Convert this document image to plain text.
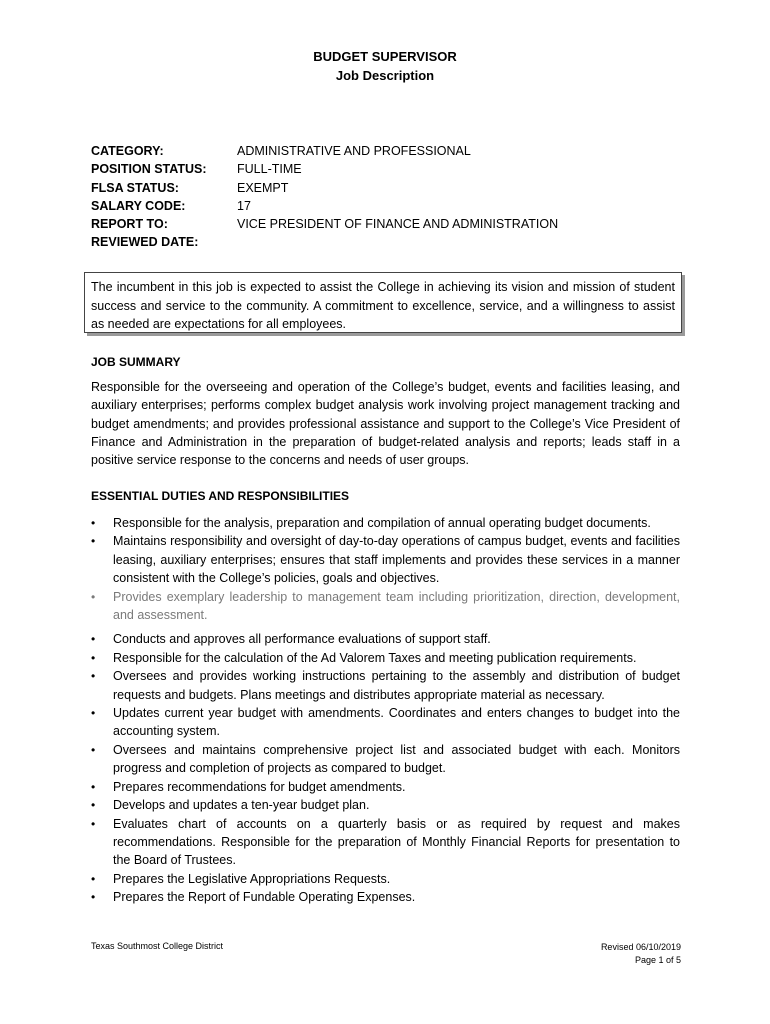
BUDGET SUPERVISOR
Job Description
CATEGORY:	ADMINISTRATIVE AND PROFESSIONAL
POSITION STATUS: FULL-TIME
FLSA STATUS:	EXEMPT
SALARY CODE:	17
REPORT TO:	VICE PRESIDENT OF FINANCE AND ADMINISTRATION
REVIEWED DATE:
The incumbent in this job is expected to assist the College in achieving its vision and mission of student success and service to the community. A commitment to excellence, service, and a willingness to assist as needed are expectations for all employees.
JOB SUMMARY
Responsible for the overseeing and operation of the College’s budget, events and facilities leasing, and auxiliary enterprises; performs complex budget analysis work involving project management tracking and budget amendments; and provides professional assistance and support to the College’s Vice President of Finance and Administration in the preparation of budget-related analysis and reports; leads staff in a positive service response to the concerns and needs of user groups.
ESSENTIAL DUTIES AND RESPONSIBILITIES
• Responsible for the analysis, preparation and compilation of annual operating budget documents.
• Maintains responsibility and oversight of day-to-day operations of campus budget, events and facilities leasing, auxiliary enterprises; ensures that staff implements and provides these services in a manner consistent with the College’s policies, goals and objectives.
• Provides exemplary leadership to management team including prioritization, direction, development, and assessment.
• Conducts and approves all performance evaluations of support staff.
• Responsible for the calculation of the Ad Valorem Taxes and meeting publication requirements.
• Oversees and provides working instructions pertaining to the assembly and distribution of budget requests and budgets. Plans meetings and distributes appropriate material as necessary.
• Updates current year budget with amendments. Coordinates and enters changes to budget into the accounting system.
• Oversees and maintains comprehensive project list and associated budget with each. Monitors progress and completion of projects as compared to budget.
• Prepares recommendations for budget amendments.
• Develops and updates a ten-year budget plan.
• Evaluates chart of accounts on a quarterly basis or as required by request and makes recommendations. Responsible for the preparation of Monthly Financial Reports for presentation to the Board of Trustees.
• Prepares the Legislative Appropriations Requests.
• Prepares the Report of Fundable Operating Expenses.
Texas Southmost College District	Revised 06/10/2019
Page 1 of 5
